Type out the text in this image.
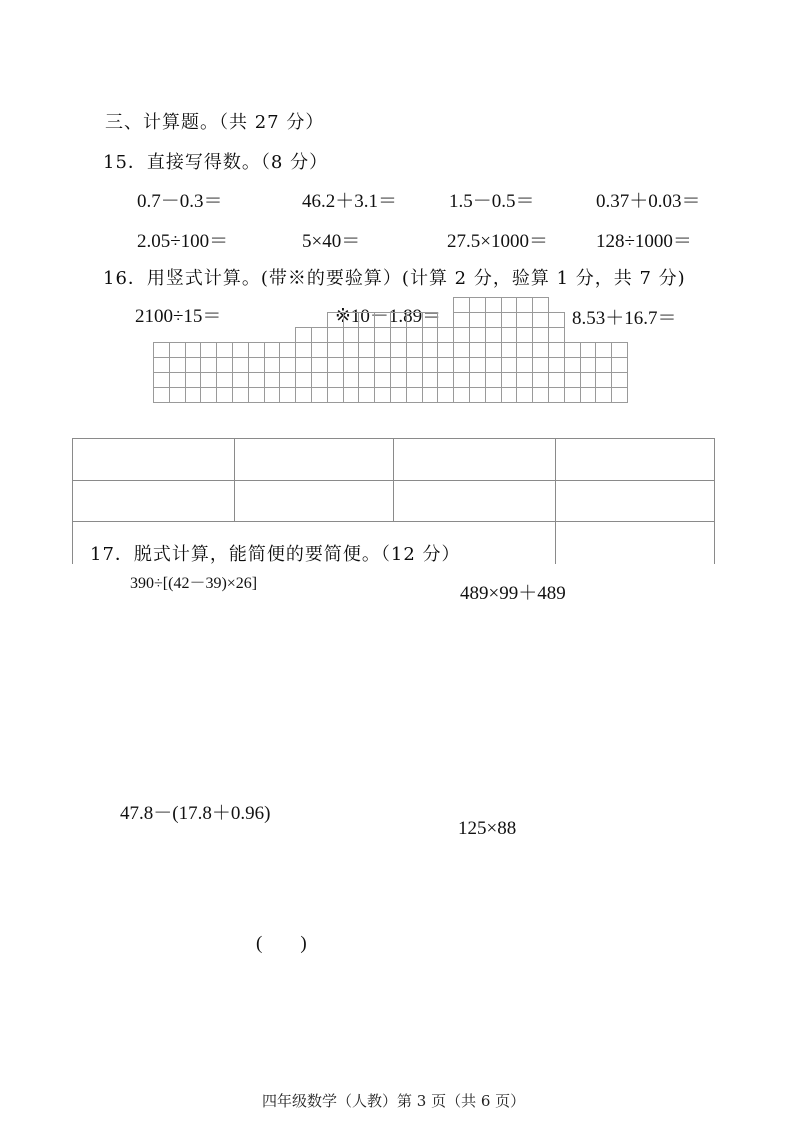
三、计算题。（共 27 分）
15．直接写得数。（8 分）
0.7－0.3＝	46.2＋3.1＝	1.5－0.5＝	0.37＋0.03＝
2.05÷100＝	5×40＝	27.5×1000＝	128÷1000＝
16．用竖式计算。(带※的要验算）(计算 2 分，验算 1 分，共 7 分)
2100÷15＝	※10－1.89＝	8.53＋16.7＝
17．脱式计算，能简便的要简便。（12 分）
390÷[(42－39)×26]	489×99＋489
47.8－(17.8＋0.96)
125×88
(　　)
四年级数学（人教）第 3 页（共 6 页）
